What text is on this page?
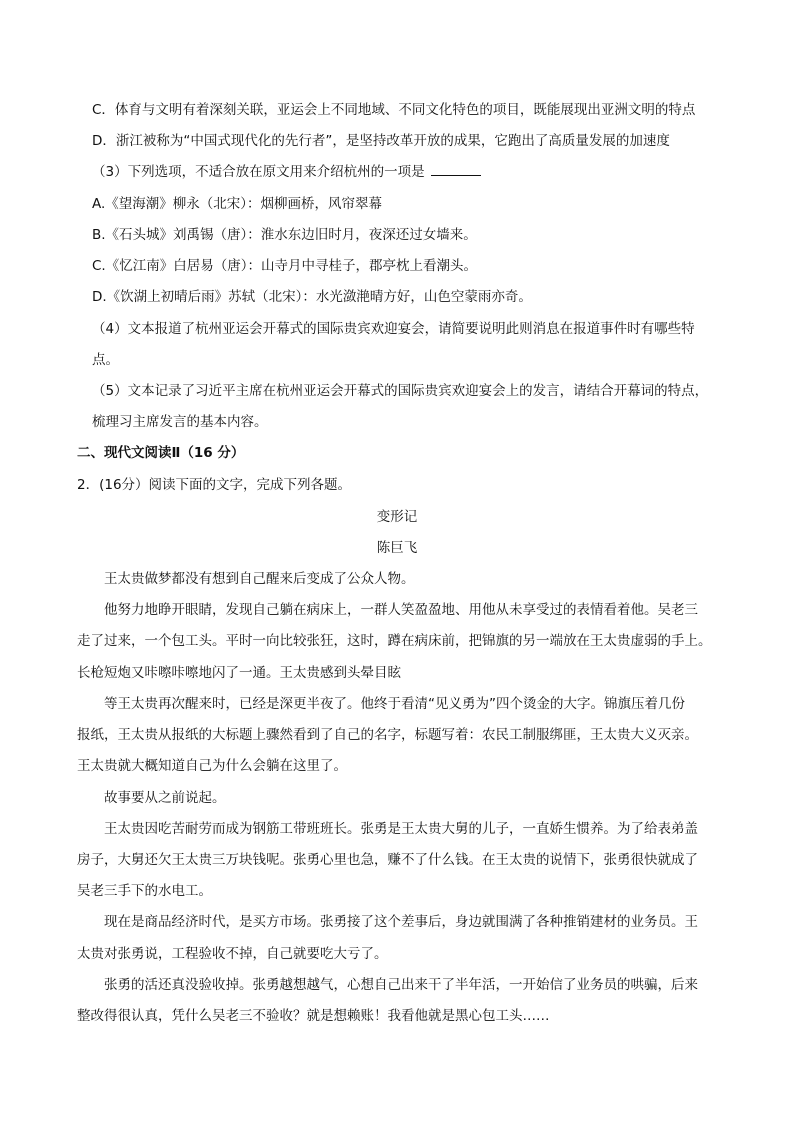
C．体育与文明有着深刻关联，亚运会上不同地域、不同文化特色的项目，既能展现出亚洲文明的特点
D．浙江被称为“中国式现代化的先行者”，是坚持改革开放的成果，它跑出了高质量发展的加速度
（3）下列选项，不适合放在原文用来介绍杭州的一项是
A.《望海潮》柳永（北宋）：烟柳画桥，风帘翠幕
B.《石头城》刘禹锡（唐）：淮水东边旧时月，夜深还过女墙来。
C.《忆江南》白居易（唐）：山寺月中寻桂子，郡亭枕上看潮头。
D.《饮湖上初晴后雨》苏轼（北宋）：水光潋滟晴方好，山色空蒙雨亦奇。
（4）文本报道了杭州亚运会开幕式的国际贵宾欢迎宴会，请简要说明此则消息在报道事件时有哪些特
点。
（5）文本记录了习近平主席在杭州亚运会开幕式的国际贵宾欢迎宴会上的发言，请结合开幕词的特点，
梳理习主席发言的基本内容。
二、现代文阅读Ⅱ（16 分）
2．(16分）阅读下面的文字，完成下列各题。
变形记
陈巨飞
王太贵做梦都没有想到自己醒来后变成了公众人物。
他努力地睁开眼睛，发现自己躺在病床上，一群人笑盈盈地、用他从未享受过的表情看着他。吴老三
走了过来，一个包工头。平时一向比较张狂，这时，蹲在病床前，把锦旗的另一端放在王太贵虚弱的手上。
长枪短炮又咔嚓咔嚓地闪了一通。王太贵感到头晕目眩
等王太贵再次醒来时，已经是深更半夜了。他终于看清“见义勇为”四个烫金的大字。锦旗压着几份
报纸，王太贵从报纸的大标题上骤然看到了自己的名字，标题写着：农民工制服绑匪，王太贵大义灭亲。
王太贵就大概知道自己为什么会躺在这里了。
故事要从之前说起。
王太贵因吃苦耐劳而成为钢筋工带班班长。张勇是王太贵大舅的儿子，一直娇生惯养。为了给表弟盖
房子，大舅还欠王太贵三万块钱呢。张勇心里也急，赚不了什么钱。在王太贵的说情下，张勇很快就成了
吴老三手下的水电工。
现在是商品经济时代，是买方市场。张勇接了这个差事后，身边就围满了各种推销建材的业务员。王
太贵对张勇说，工程验收不掉，自己就要吃大亏了。
张勇的活还真没验收掉。张勇越想越气，心想自己出来干了半年活，一开始信了业务员的哄骗，后来
整改得很认真，凭什么吴老三不验收？就是想赖账！我看他就是黑心包工头……
